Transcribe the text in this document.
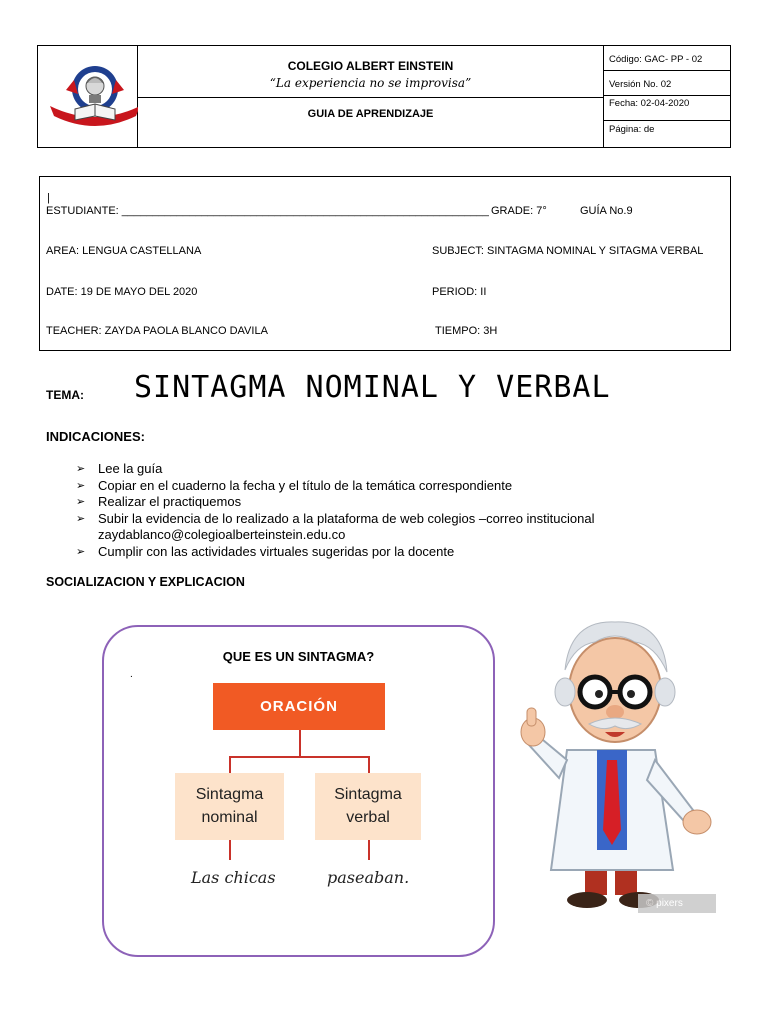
COLEGIO ALBERT EINSTEIN
“La experiencia no se improvisa”
GUIA DE APRENDIZAJE
Código: GAC- PP - 02
Versión No. 02
Fecha: 02-04-2020
Página: de
|
ESTUDIANTE: ____________________________________________________________ GRADE: 7°	GUÍA No.9
AREA: LENGUA CASTELLANA	SUBJECT: SINTAGMA NOMINAL Y SITAGMA VERBAL
DATE: 19 DE MAYO DEL 2020	PERIOD: II
TEACHER: ZAYDA PAOLA BLANCO DAVILA	TIEMPO: 3H
TEMA: SINTAGMA NOMINAL Y VERBAL
INDICACIONES:
➢ Lee la guía
➢ Copiar en el cuaderno la fecha y el título de la temática correspondiente
➢ Realizar el practiquemos
➢ Subir la evidencia de lo realizado a la plataforma de web colegios –correo institucional
zaydablanco@colegioalberteinstein.edu.co
➢ Cumplir con las actividades virtuales sugeridas por la docente
SOCIALIZACION Y EXPLICACION
QUE ES UN SINTAGMA?
.
ORACIÓN
Sintagma
nominal
Sintagma
verbal
Las chicas	paseaban.
© pixers
